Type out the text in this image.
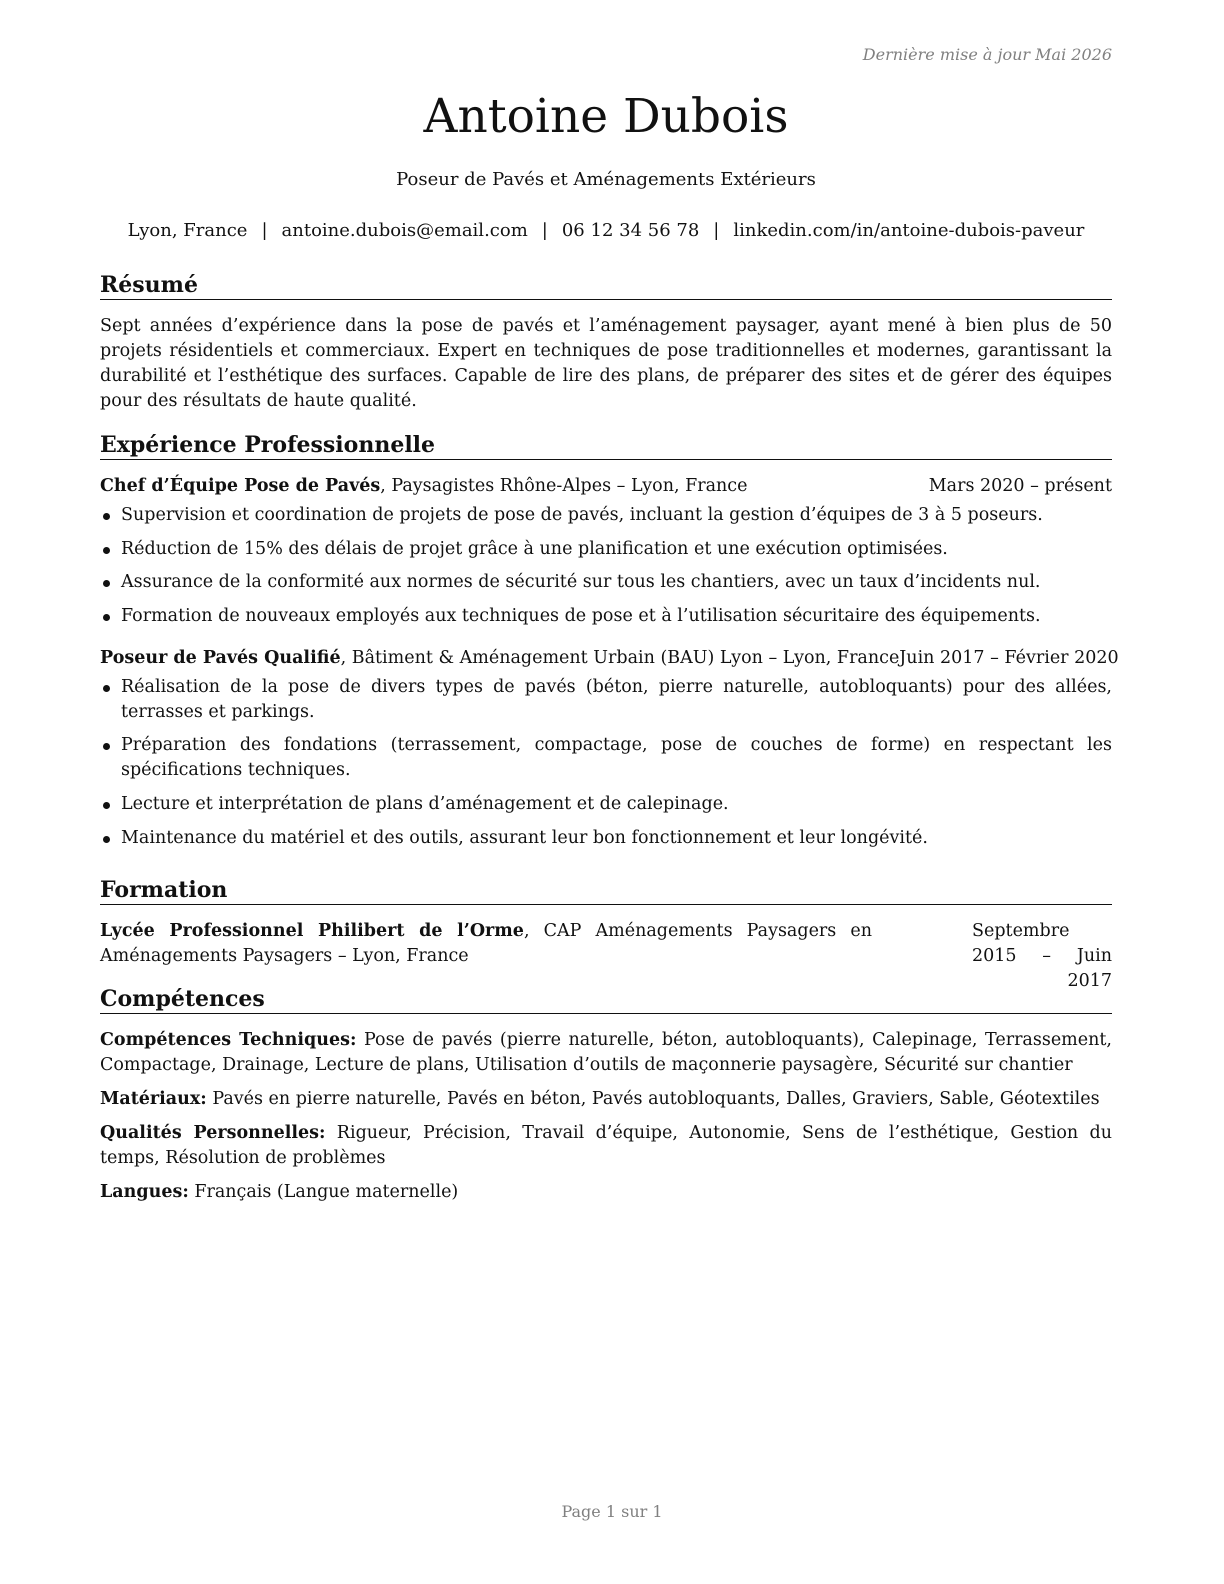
Dernière mise à jour Mai 2026
Antoine Dubois
Poseur de Pavés et Aménagements Extérieurs
Lyon, France | antoine.dubois@email.com | 06 12 34 56 78 | linkedin.com/in/antoine-dubois-paveur
Résumé
Sept années d’expérience dans la pose de pavés et l’aménagement paysager, ayant mené à bien plus de 50 projets résidentiels et commerciaux. Expert en techniques de pose traditionnelles et modernes, garantissant la durabilité et l’esthétique des surfaces. Capable de lire des plans, de préparer des sites et de gérer des équipes pour des résultats de haute qualité.
Expérience Professionnelle
Chef d’Équipe Pose de Pavés, Paysagistes Rhône-Alpes – Lyon, France	Mars 2020 – présent
Supervision et coordination de projets de pose de pavés, incluant la gestion d’équipes de 3 à 5 poseurs.
Réduction de 15% des délais de projet grâce à une planification et une exécution optimisées.
Assurance de la conformité aux normes de sécurité sur tous les chantiers, avec un taux d’incidents nul.
Formation de nouveaux employés aux techniques de pose et à l’utilisation sécuritaire des équipements.
Poseur de Pavés Qualifié, Bâtiment & Aménagement Urbain (BAU) Lyon – Lyon, France Juin 2017 – Février 2020
Réalisation de la pose de divers types de pavés (béton, pierre naturelle, autobloquants) pour des allées, terrasses et parkings.
Préparation des fondations (terrassement, compactage, pose de couches de forme) en respectant les spécifications techniques.
Lecture et interprétation de plans d’aménagement et de calepinage.
Maintenance du matériel et des outils, assurant leur bon fonctionnement et leur longévité.
Formation
Lycée Professionnel Philibert de l’Orme, CAP Aménagements Paysagers en Aménagements Paysagers – Lyon, France
Septembre 2015 – Juin 2017
Compétences
Compétences Techniques: Pose de pavés (pierre naturelle, béton, autobloquants), Calepinage, Terrassement, Compactage, Drainage, Lecture de plans, Utilisation d’outils de maçonnerie paysagère, Sécurité sur chantier
Matériaux: Pavés en pierre naturelle, Pavés en béton, Pavés autobloquants, Dalles, Graviers, Sable, Géotextiles
Qualités Personnelles: Rigueur, Précision, Travail d’équipe, Autonomie, Sens de l’esthétique, Gestion du temps, Résolution de problèmes
Langues: Français (Langue maternelle)
Page 1 sur 1
